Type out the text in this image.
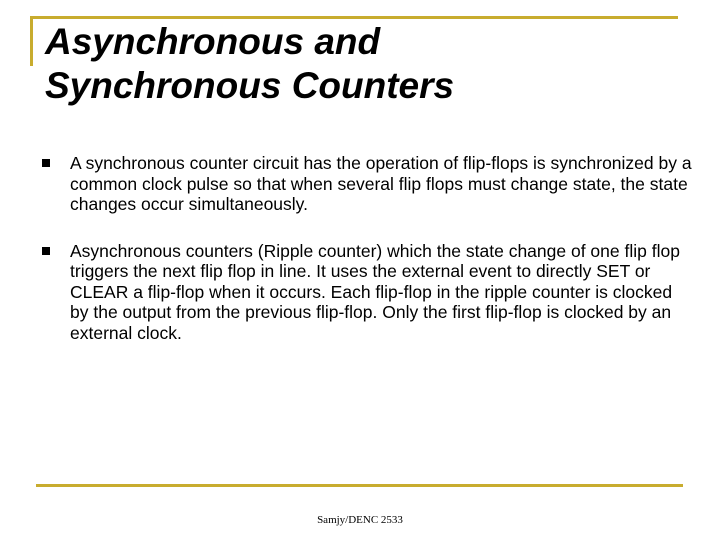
Asynchronous and
Synchronous Counters
A synchronous counter circuit has the operation of flip-flops is synchronized by a common clock pulse so that when several flip flops must change state, the state changes occur simultaneously.
Asynchronous counters (Ripple counter) which the state change of one flip flop triggers the next flip flop in line. It uses the external event to directly SET or CLEAR a flip-flop when it occurs. Each flip-flop in the ripple counter is clocked by the output from the previous flip-flop. Only the first flip-flop is clocked by an external clock.
Samjy/DENC 2533
